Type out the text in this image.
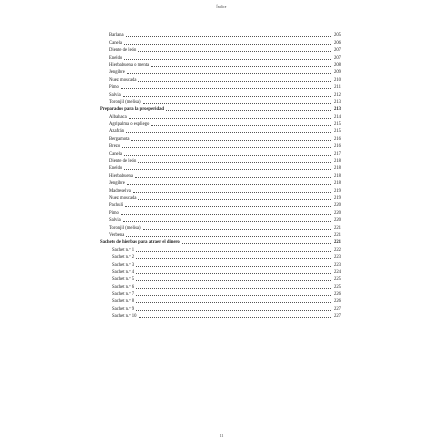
Índice
Barlana	205
Canela	206
Diente de león	207
Eneldo	207
Hierbabuena o menta	208
Jengibre	209
Nuez moscada	210
Pimo	211
Salvia	212
Toronjil (melisa)	213
Preparados para la prosperidad	213
Albahaca	214
Agripalma o espliego	215
Azafrán	215
Bergamota	216
Brezo	216
Canela	217
Diente de león	218
Eneldo	218
Hierbabuena	218
Jengibre	218
Madreselva	219
Nuez moscada	219
Pachulí	220
Pimo	220
Salvia	220
Toronjil (melisa)	221
Verbena	221
Sachets de hierbas para atraer el dinero	221
Sachet n.º 1	222
Sachet n.º 2	223
Sachet n.º 3	223
Sachet n.º 4	224
Sachet n.º 5	225
Sachet n.º 6	225
Sachet n.º 7	226
Sachet n.º 8	226
Sachet n.º 9	227
Sachet n.º 10	227
11
